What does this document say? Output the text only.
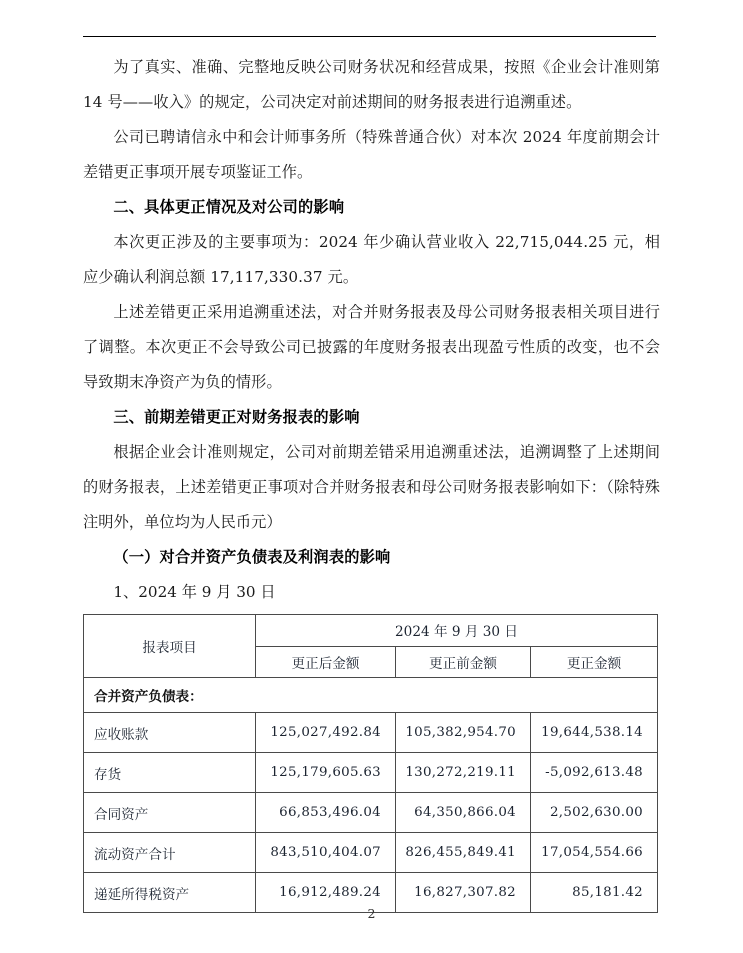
为了真实、准确、完整地反映公司财务状况和经营成果，按照《企业会计准则第 14 号——收入》的规定，公司决定对前述期间的财务报表进行追溯重述。

公司已聘请信永中和会计师事务所（特殊普通合伙）对本次 2024 年度前期会计差错更正事项开展专项鉴证工作。

二、具体更正情况及对公司的影响

本次更正涉及的主要事项为：2024 年少确认营业收入 22,715,044.25 元，相应少确认利润总额 17,117,330.37 元。

上述差错更正采用追溯重述法，对合并财务报表及母公司财务报表相关项目进行了调整。本次更正不会导致公司已披露的年度财务报表出现盈亏性质的改变，也不会导致期末净资产为负的情形。

三、前期差错更正对财务报表的影响

根据企业会计准则规定，公司对前期差错采用追溯重述法，追溯调整了上述期间的财务报表，上述差错更正事项对合并财务报表和母公司财务报表影响如下：（除特殊注明外，单位均为人民币元）

（一）对合并资产负债表及利润表的影响

1、2024 年 9 月 30 日

报表项目	2024 年 9 月 30 日		
	更正后金额	更正前金额	更正金额
合并资产负债表：			
应收账款	125,027,492.84	105,382,954.70	19,644,538.14
存货	125,179,605.63	130,272,219.11	-5,092,613.48
合同资产	66,853,496.04	64,350,866.04	2,502,630.00
流动资产合计	843,510,404.07	826,455,849.41	17,054,554.66
递延所得税资产	16,912,489.24	16,827,307.82	85,181.42
2
